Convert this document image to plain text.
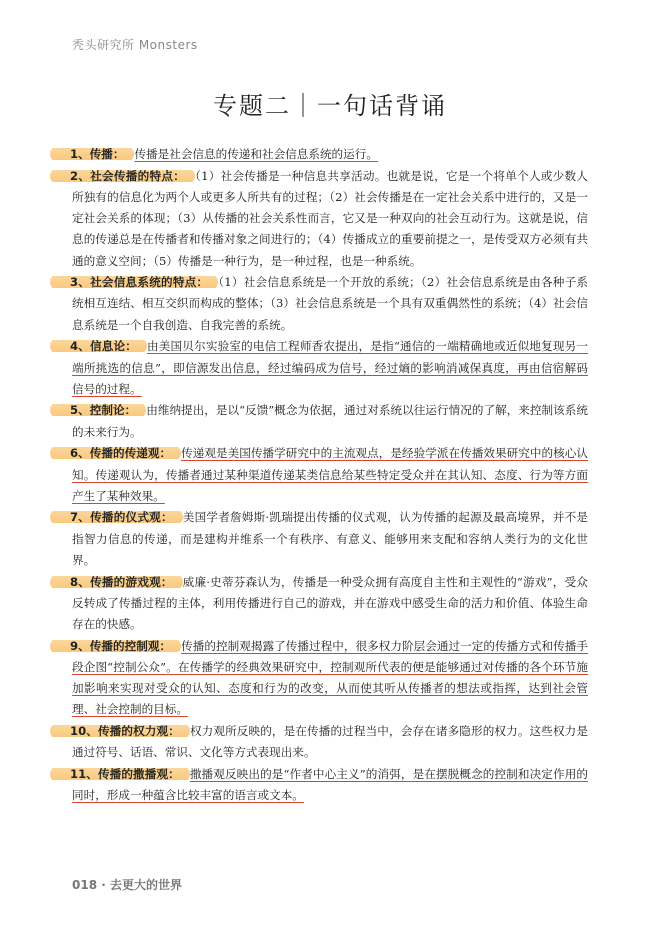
秃头研究所 Monsters
专题二｜一句话背诵

1、传播： 传播是社会信息的传递和社会信息系统的运行。

2、社会传播的特点： （1）社会传播是一种信息共享活动。也就是说，它是一个将单个人或少数人所独有的信息化为两个人或更多人所共有的过程；（2）社会传播是在一定社会关系中进行的，又是一定社会关系的体现；（3）从传播的社会关系性而言，它又是一种双向的社会互动行为。这就是说，信息的传递总是在传播者和传播对象之间进行的；（4）传播成立的重要前提之一，是传受双方必须有共通的意义空间；（5）传播是一种行为，是一种过程，也是一种系统。

3、社会信息系统的特点： （1）社会信息系统是一个开放的系统；（2）社会信息系统是由各种子系统相互连结、相互交织而构成的整体；（3）社会信息系统是一个具有双重偶然性的系统；（4）社会信息系统是一个自我创造、自我完善的系统。

4、信息论： 由美国贝尔实验室的电信工程师香农提出，是指“通信的一端精确地或近似地复现另一端所挑选的信息”，即信源发出信息，经过编码成为信号，经过熵的影响消减保真度，再由信宿解码信号的过程。

5、控制论： 由维纳提出，是以“反馈”概念为依据，通过对系统以往运行情况的了解，来控制该系统的未来行为。

6、传播的传递观： 传递观是美国传播学研究中的主流观点，是经验学派在传播效果研究中的核心认知。传递观认为，传播者通过某种渠道传递某类信息给某些特定受众并在其认知、态度、行为等方面产生了某种效果。

7、传播的仪式观： 美国学者詹姆斯·凯瑞提出传播的仪式观，认为传播的起源及最高境界，并不是指智力信息的传递，而是建构并维系一个有秩序、有意义、能够用来支配和容纳人类行为的文化世界。

8、传播的游戏观： 威廉·史蒂芬森认为，传播是一种受众拥有高度自主性和主观性的“游戏”，受众反转成了传播过程的主体，利用传播进行自己的游戏，并在游戏中感受生命的活力和价值、体验生命存在的快感。

9、传播的控制观： 传播的控制观揭露了传播过程中，很多权力阶层会通过一定的传播方式和传播手段企图“控制公众”。在传播学的经典效果研究中，控制观所代表的便是能够通过对传播的各个环节施加影响来实现对受众的认知、态度和行为的改变，从而使其听从传播者的想法或指挥，达到社会管理、社会控制的目标。

10、传播的权力观： 权力观所反映的，是在传播的过程当中，会存在诸多隐形的权力。这些权力是通过符号、话语、常识、文化等方式表现出来。

11、传播的撒播观： 撒播观反映出的是“作者中心主义”的消弭，是在摆脱概念的控制和决定作用的同时，形成一种蕴含比较丰富的语言或文本。

018 · 去更大的世界
